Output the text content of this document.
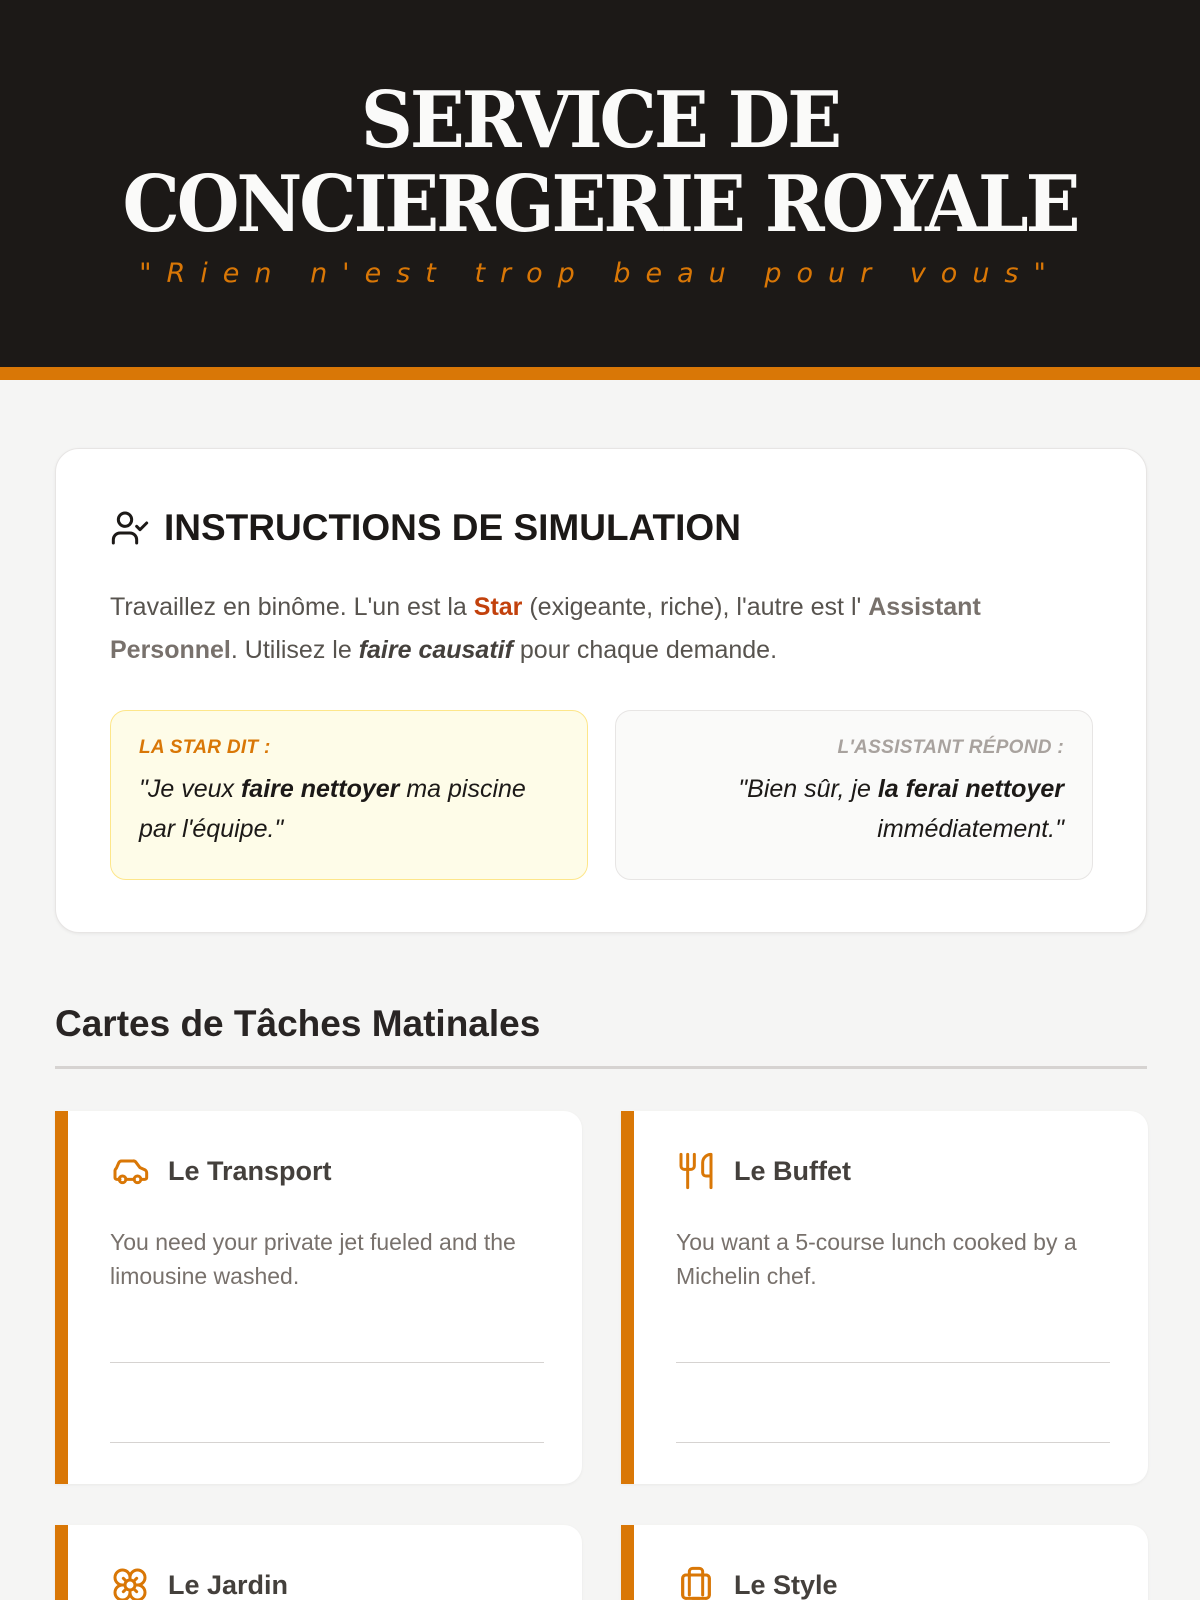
SERVICE DE
CONCIERGERIE ROYALE

"Rien n'est trop beau pour vous"

INSTRUCTIONS DE SIMULATION

Travaillez en binôme. L'un est la Star (exigeante, riche), l'autre est l' Assistant Personnel. Utilisez le faire causatif pour chaque demande.

LA STAR DIT :

"Je veux faire nettoyer ma piscine par l'équipe."

L'ASSISTANT RÉPOND :

"Bien sûr, je la ferai nettoyer immédiatement."

Cartes de Tâches Matinales
Le Transport

You need your private jet fueled and the limousine washed.

Le Buffet

You want a 5-course lunch cooked by a Michelin chef.

Le Jardin	Le Style
